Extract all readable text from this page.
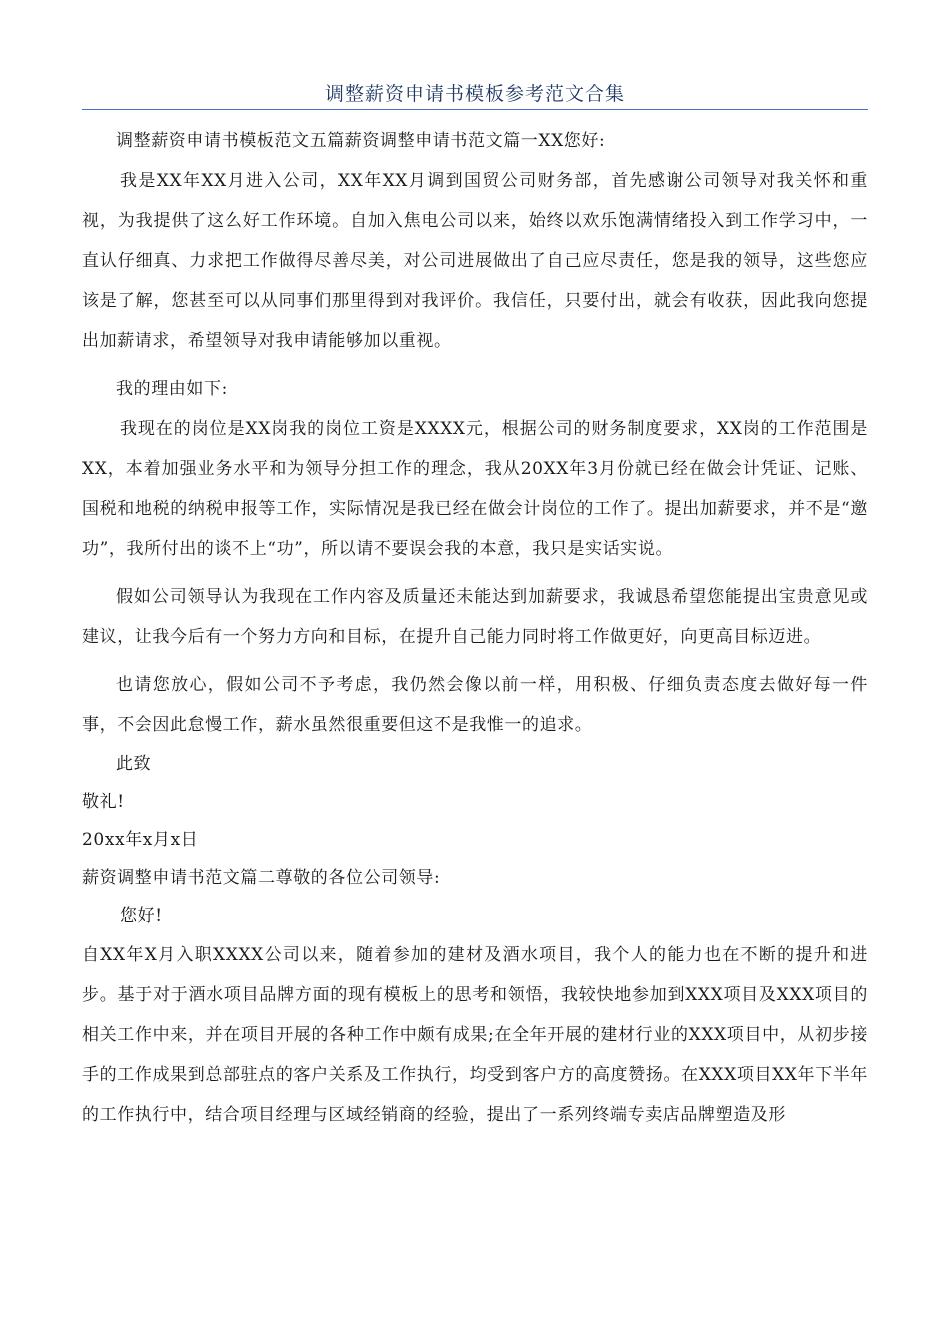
调整薪资申请书模板参考范文合集

调整薪资申请书模板范文五篇薪资调整申请书范文篇一XX您好:

我是XX年XX月进入公司，XX年XX月调到国贸公司财务部，首先感谢公司领导对我关怀和重视，为我提供了这么好工作环境。自加入焦电公司以来，始终以欢乐饱满情绪投入到工作学习中，一直认仔细真、力求把工作做得尽善尽美，对公司进展做出了自己应尽责任，您是我的领导，这些您应该是了解，您甚至可以从同事们那里得到对我评价。我信任，只要付出，就会有收获，因此我向您提出加薪请求，希望领导对我申请能够加以重视。

我的理由如下:

我现在的岗位是XX岗我的岗位工资是XXXX元，根据公司的财务制度要求，XX岗的工作范围是XX，本着加强业务水平和为领导分担工作的理念，我从20XX年3月份就已经在做会计凭证、记账、国税和地税的纳税申报等工作，实际情况是我已经在做会计岗位的工作了。提出加薪要求，并不是“邀功”，我所付出的谈不上“功”，所以请不要误会我的本意，我只是实话实说。

假如公司领导认为我现在工作内容及质量还未能达到加薪要求，我诚恳希望您能提出宝贵意见或建议，让我今后有一个努力方向和目标，在提升自己能力同时将工作做更好，向更高目标迈进。

也请您放心，假如公司不予考虑，我仍然会像以前一样，用积极、仔细负责态度去做好每一件事，不会因此怠慢工作，薪水虽然很重要但这不是我惟一的追求。

此致

敬礼!

20xx年x月x日

薪资调整申请书范文篇二尊敬的各位公司领导:

您好!

自XX年X月入职XXXX公司以来，随着参加的建材及酒水项目，我个人的能力也在不断的提升和进步。基于对于酒水项目品牌方面的现有模板上的思考和领悟，我较快地参加到XXX项目及XXX项目的相关工作中来，并在项目开展的各种工作中颇有成果;在全年开展的建材行业的XXX项目中，从初步接手的工作成果到总部驻点的客户关系及工作执行，均受到客户方的高度赞扬。在XXX项目XX年下半年的工作执行中，结合项目经理与区域经销商的经验，提出了一系列终端专卖店品牌塑造及形
